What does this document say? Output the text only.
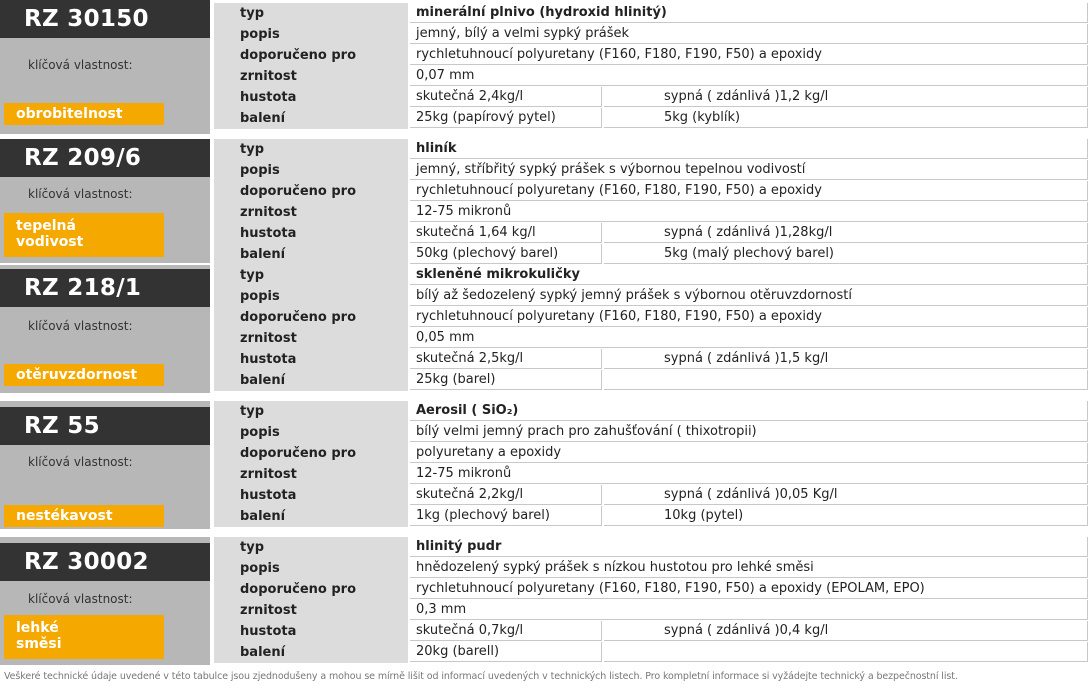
RZ 30150
klíčová vlastnost:
obrobitelnost
typ	minerální plnivo (hydroxid hlinitý)
popis	jemný, bílý a velmi sypký prášek
doporučeno pro	rychletuhnoucí polyuretany (F160, F180, F190, F50) a epoxidy
zrnitost	0,07 mm
hustota	skutečná 2,4kg/l	sypná ( zdánlivá )1,2 kg/l
balení	25kg (papírový pytel)	5kg (kyblík)
RZ 209/6
klíčová vlastnost:
tepelná
vodivost
typ	hliník
popis	jemný, stříbřitý sypký prášek s výbornou tepelnou vodivostí
doporučeno pro	rychletuhnoucí polyuretany (F160, F180, F190, F50) a epoxidy
zrnitost	12-75 mikronů
hustota	skutečná 1,64 kg/l	sypná ( zdánlivá )1,28kg/l
balení	50kg (plechový barel)	5kg (malý plechový barel)
RZ 218/1
klíčová vlastnost:
otěruvzdornost
typ	skleněné mikrokuličky
popis	bílý až šedozelený sypký jemný prášek s výbornou otěruvzdorností
doporučeno pro	rychletuhnoucí polyuretany (F160, F180, F190, F50) a epoxidy
zrnitost	0,05 mm
hustota	skutečná 2,5kg/l	sypná ( zdánlivá )1,5 kg/l
balení	25kg (barel)
RZ 55
klíčová vlastnost:
nestékavost
typ	Aerosil ( SiO₂)
popis	bílý velmi jemný prach pro zahušťování ( thixotropii)
doporučeno pro	polyuretany a epoxidy
zrnitost	12-75 mikronů
hustota	skutečná 2,2kg/l	sypná ( zdánlivá )0,05 Kg/l
balení	1kg (plechový barel)	10kg (pytel)
RZ 30002
klíčová vlastnost:
lehké
směsi
typ	hlinitý pudr
popis	hnědozelený sypký prášek s nízkou hustotou pro lehké směsi
doporučeno pro	rychletuhnoucí polyuretany (F160, F180, F190, F50) a epoxidy (EPOLAM, EPO)
zrnitost	0,3 mm
hustota	skutečná 0,7kg/l	sypná ( zdánlivá )0,4 kg/l
balení	20kg (barell)
Veškeré technické údaje uvedené v této tabulce jsou zjednodušeny a mohou se mírně lišit od informací uvedených v technických listech. Pro kompletní informace si vyžádejte technický a bezpečnostní list.
